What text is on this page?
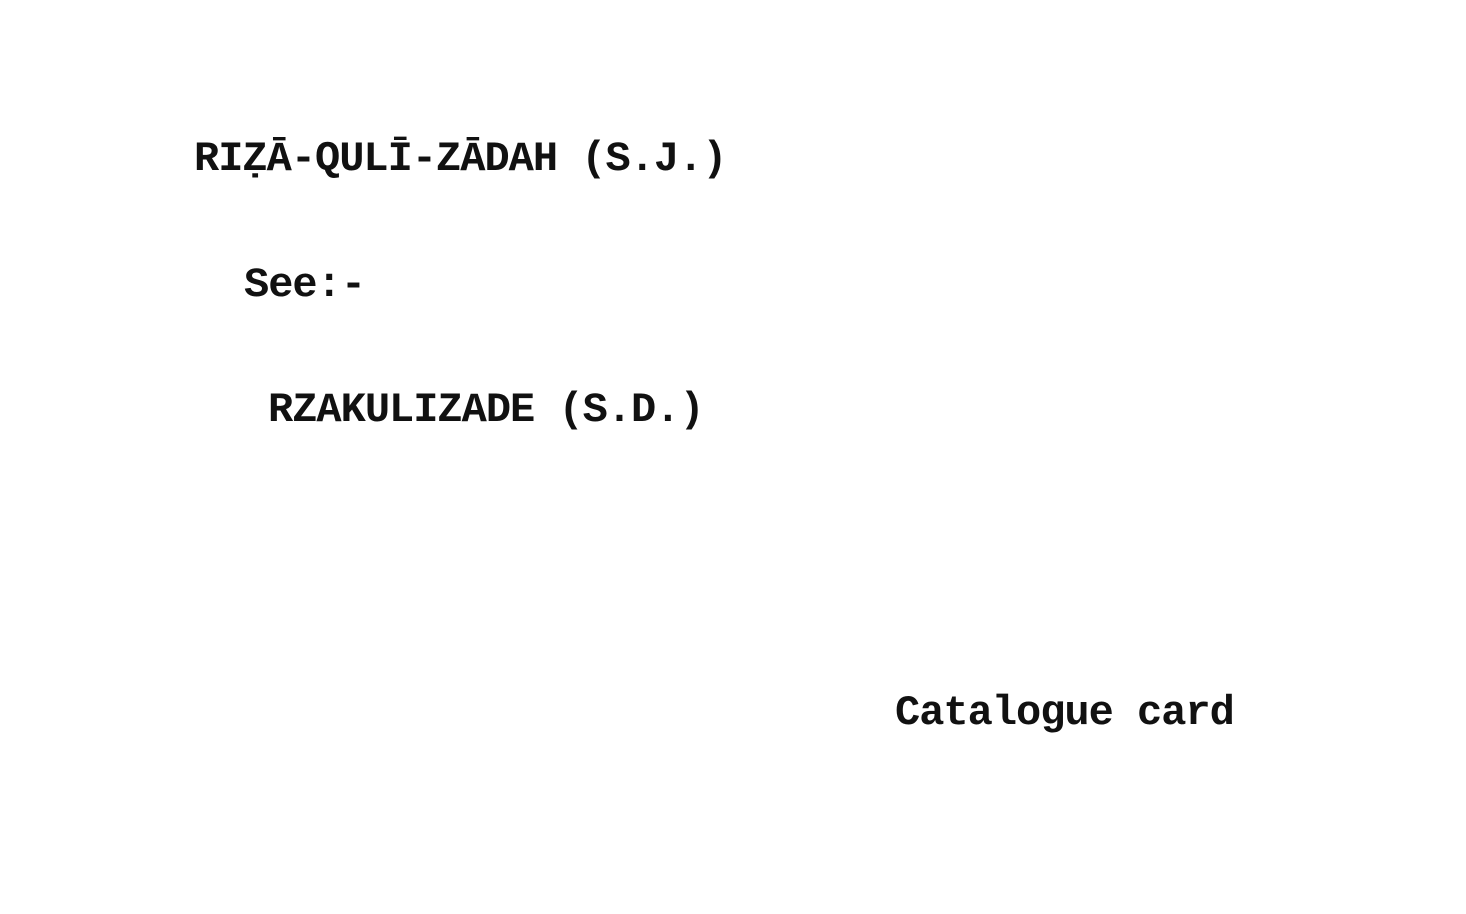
RIẒĀ-QULĪ-ZĀDAH (S.J.)
See:-
RZAKULIZADE (S.D.)
Catalogue card
